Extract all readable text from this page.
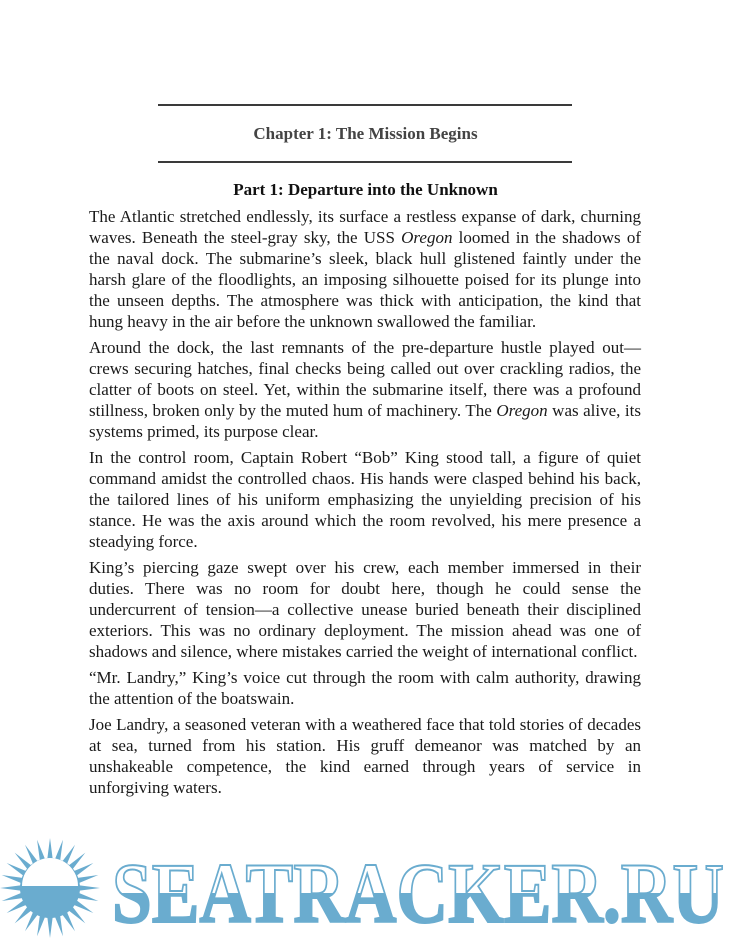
Chapter 1: The Mission Begins
Part 1: Departure into the Unknown

The Atlantic stretched endlessly, its surface a restless expanse of dark, churning waves. Beneath the steel-gray sky, the USS Oregon loomed in the shadows of the naval dock. The submarine’s sleek, black hull glistened faintly under the harsh glare of the floodlights, an imposing silhouette poised for its plunge into the unseen depths. The atmosphere was thick with anticipation, the kind that hung heavy in the air before the unknown swallowed the familiar.

Around the dock, the last remnants of the pre-departure hustle played out—crews securing hatches, final checks being called out over crackling radios, the clatter of boots on steel. Yet, within the submarine itself, there was a profound stillness, broken only by the muted hum of machinery. The Oregon was alive, its systems primed, its purpose clear.

In the control room, Captain Robert “Bob” King stood tall, a figure of quiet command amidst the controlled chaos. His hands were clasped behind his back, the tailored lines of his uniform emphasizing the unyielding precision of his stance. He was the axis around which the room revolved, his mere presence a steadying force.

King’s piercing gaze swept over his crew, each member immersed in their duties. There was no room for doubt here, though he could sense the undercurrent of tension—a collective unease buried beneath their disciplined exteriors. This was no ordinary deployment. The mission ahead was one of shadows and silence, where mistakes carried the weight of international conflict.

“Mr. Landry,” King’s voice cut through the room with calm authority, drawing the attention of the boatswain.

Joe Landry, a seasoned veteran with a weathered face that told stories of decades at sea, turned from his station. His gruff demeanor was matched by an unshakeable competence, the kind earned through years of service in unforgiving waters.

SEATRACKER.RU
